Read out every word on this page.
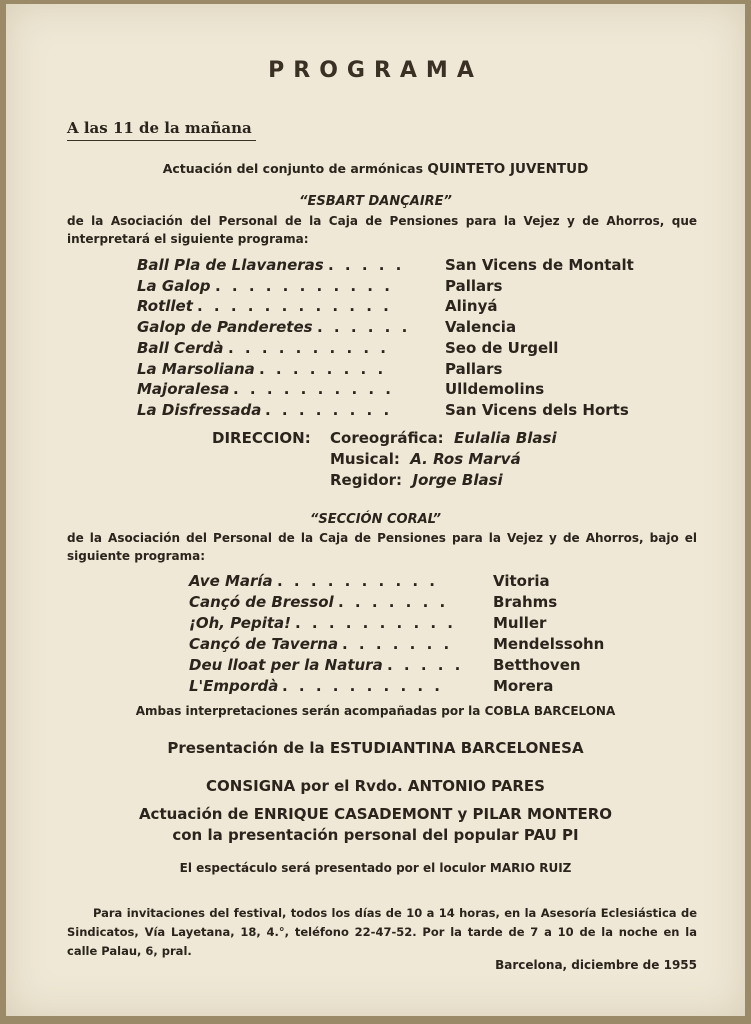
PROGRAMA
A las 11 de la mañana
Actuación del conjunto de armónicas QUINTETO JUVENTUD
“ESBART DANÇAIRE”
de la Asociación del Personal de la Caja de Pensiones para la Vejez y de Ahorros, que interpretará el siguiente programa:
Ball Pla de Llavaneras . . . . .	San Vicens de Montalt
La Galop . . . . . . . . . . .	Pallars
Rotllet . . . . . . . . . . . .	Alinyá
Galop de Panderetes . . . . . . Valencia
Ball Cerdà . . . . . . . . . .	Seo de Urgell
La Marsoliana . . . . . . . .	Pallars
Majoralesa . . . . . . . . . .	Ulldemolins
La Disfressada . . . . . . . .	San Vicens dels Horts
DIRECCION: Coreográfica: Eulalia Blasi
Musical: A. Ros Marvá
Regidor: Jorge Blasi
“SECCIÓN CORAL”
de la Asociación del Personal de la Caja de Pensiones para la Vejez y de Ahorros, bajo el siguiente programa:
Ave María . . . . . . . . . .	Vitoria
Cançó de Bressol . . . . . . .	Brahms
¡Oh, Pepita! . . . . . . . . . . Muller
Cançó de Taverna . . . . . . .	Mendelssohn
Deu lloat per la Natura . . . . . Betthoven
L'Empordà . . . . . . . . . .	Morera
Ambas interpretaciones serán acompañadas por la COBLA BARCELONA
Presentación de la ESTUDIANTINA BARCELONESA
CONSIGNA por el Rvdo. ANTONIO PARES
Actuación de ENRIQUE CASADEMONT y PILAR MONTERO
con la presentación personal del popular PAU PI
El espectáculo será presentado por el loculor MARIO RUIZ
Para invitaciones del festival, todos los días de 10 a 14 horas, en la Asesoría Eclesiástica de Sindicatos, Vía Layetana, 18, 4.°, teléfono 22-47-52. Por la tarde de 7 a 10 de la noche en la calle Palau, 6, pral.
Barcelona, diciembre de 1955
